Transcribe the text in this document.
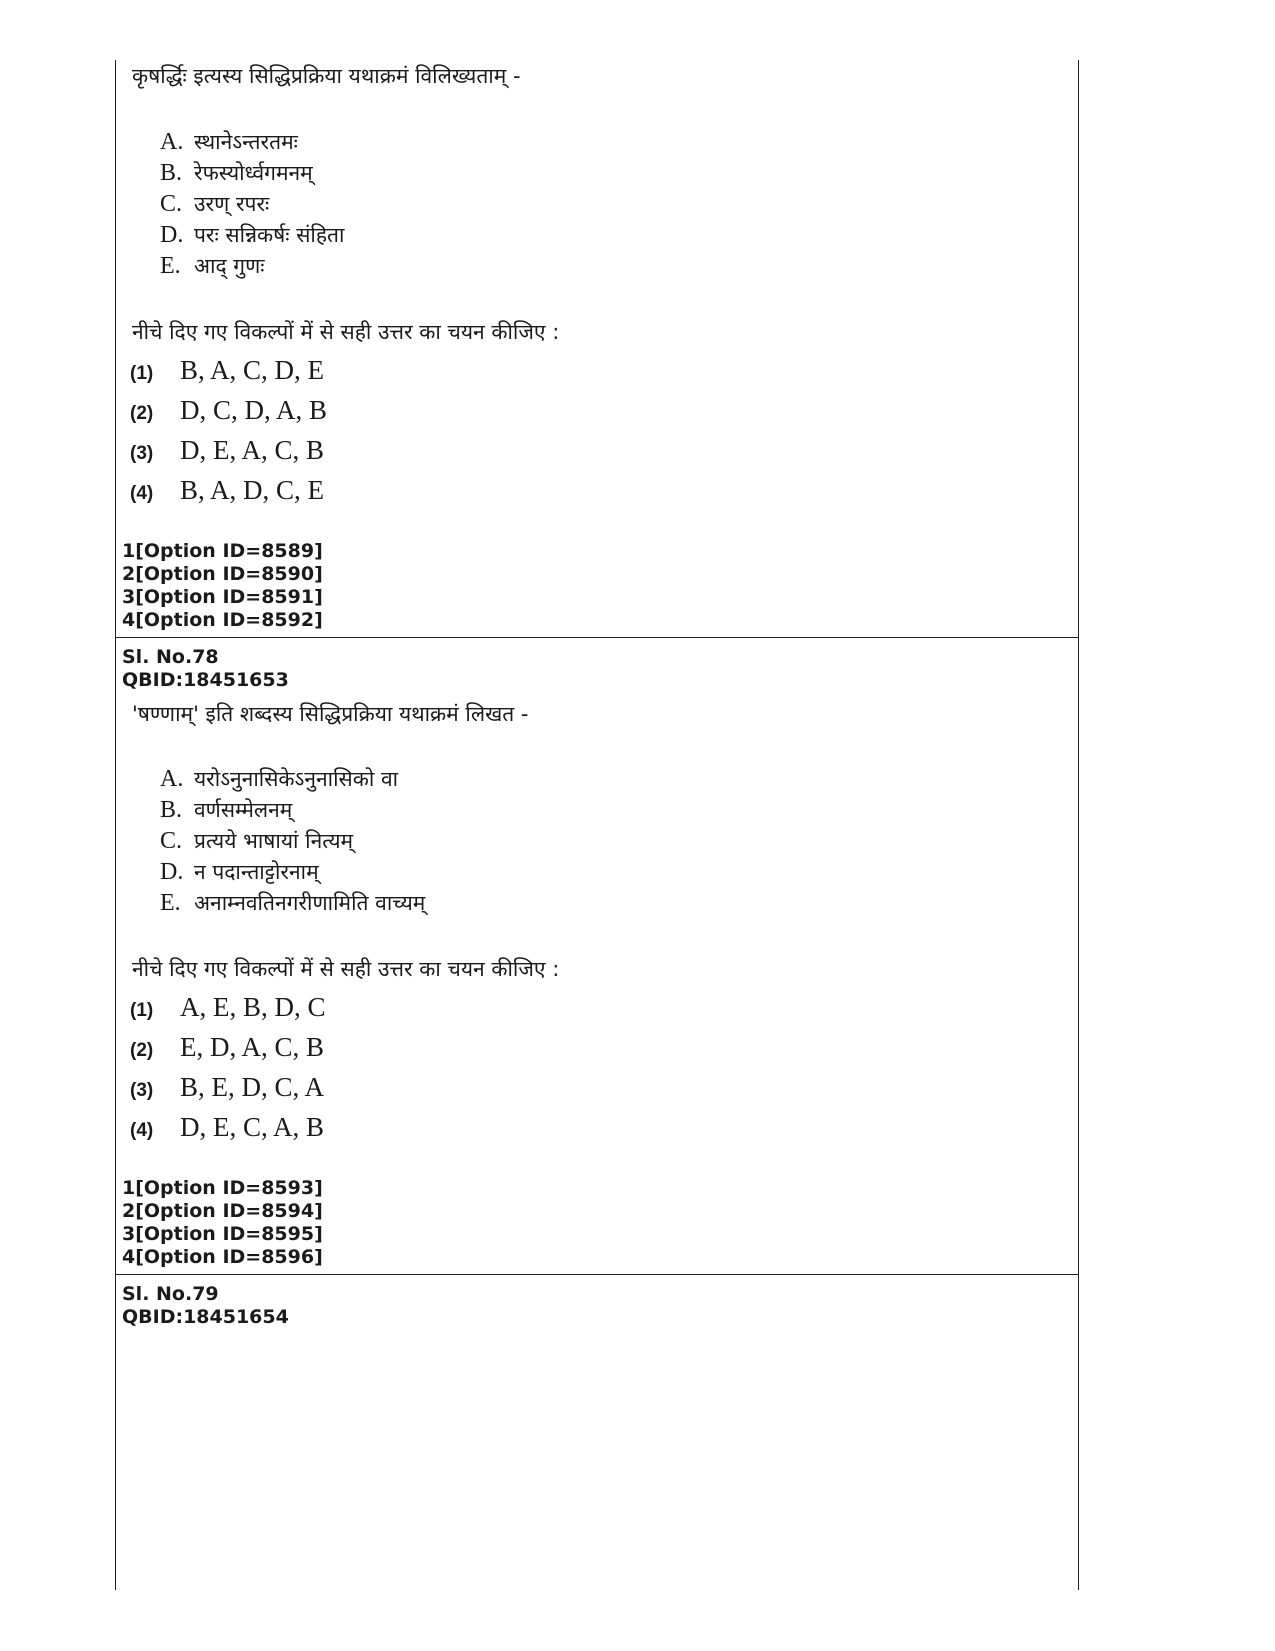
कृषर्द्धिः इत्यस्य सिद्धिप्रक्रिया यथाक्रमं विलिख्यताम् -
A. स्थानेऽन्तरतमः
B. रेफस्योर्ध्वगमनम्
C. उरण् रपरः
D. परः सन्निकर्षः संहिता
E. आद् गुणः
नीचे दिए गए विकल्पों में से सही उत्तर का चयन कीजिए :
(1) B, A, C, D, E
(2) D, C, D, A, B
(3) D, E, A, C, B
(4) B, A, D, C, E
1[Option ID=8589]
2[Option ID=8590]
3[Option ID=8591]
4[Option ID=8592]
Sl. No.78
QBID:18451653
'षण्णाम्' इति शब्दस्य सिद्धिप्रक्रिया यथाक्रमं लिखत -
A. यरोऽनुनासिकेऽनुनासिको वा
B. वर्णसम्मेलनम्
C. प्रत्यये भाषायां नित्यम्
D. न पदान्ताट्टोरनाम्
E. अनाम्नवतिनगरीणामिति वाच्यम्
नीचे दिए गए विकल्पों में से सही उत्तर का चयन कीजिए :
(1) A, E, B, D, C
(2) E, D, A, C, B
(3) B, E, D, C, A
(4) D, E, C, A, B
1[Option ID=8593]
2[Option ID=8594]
3[Option ID=8595]
4[Option ID=8596]
Sl. No.79
QBID:18451654
